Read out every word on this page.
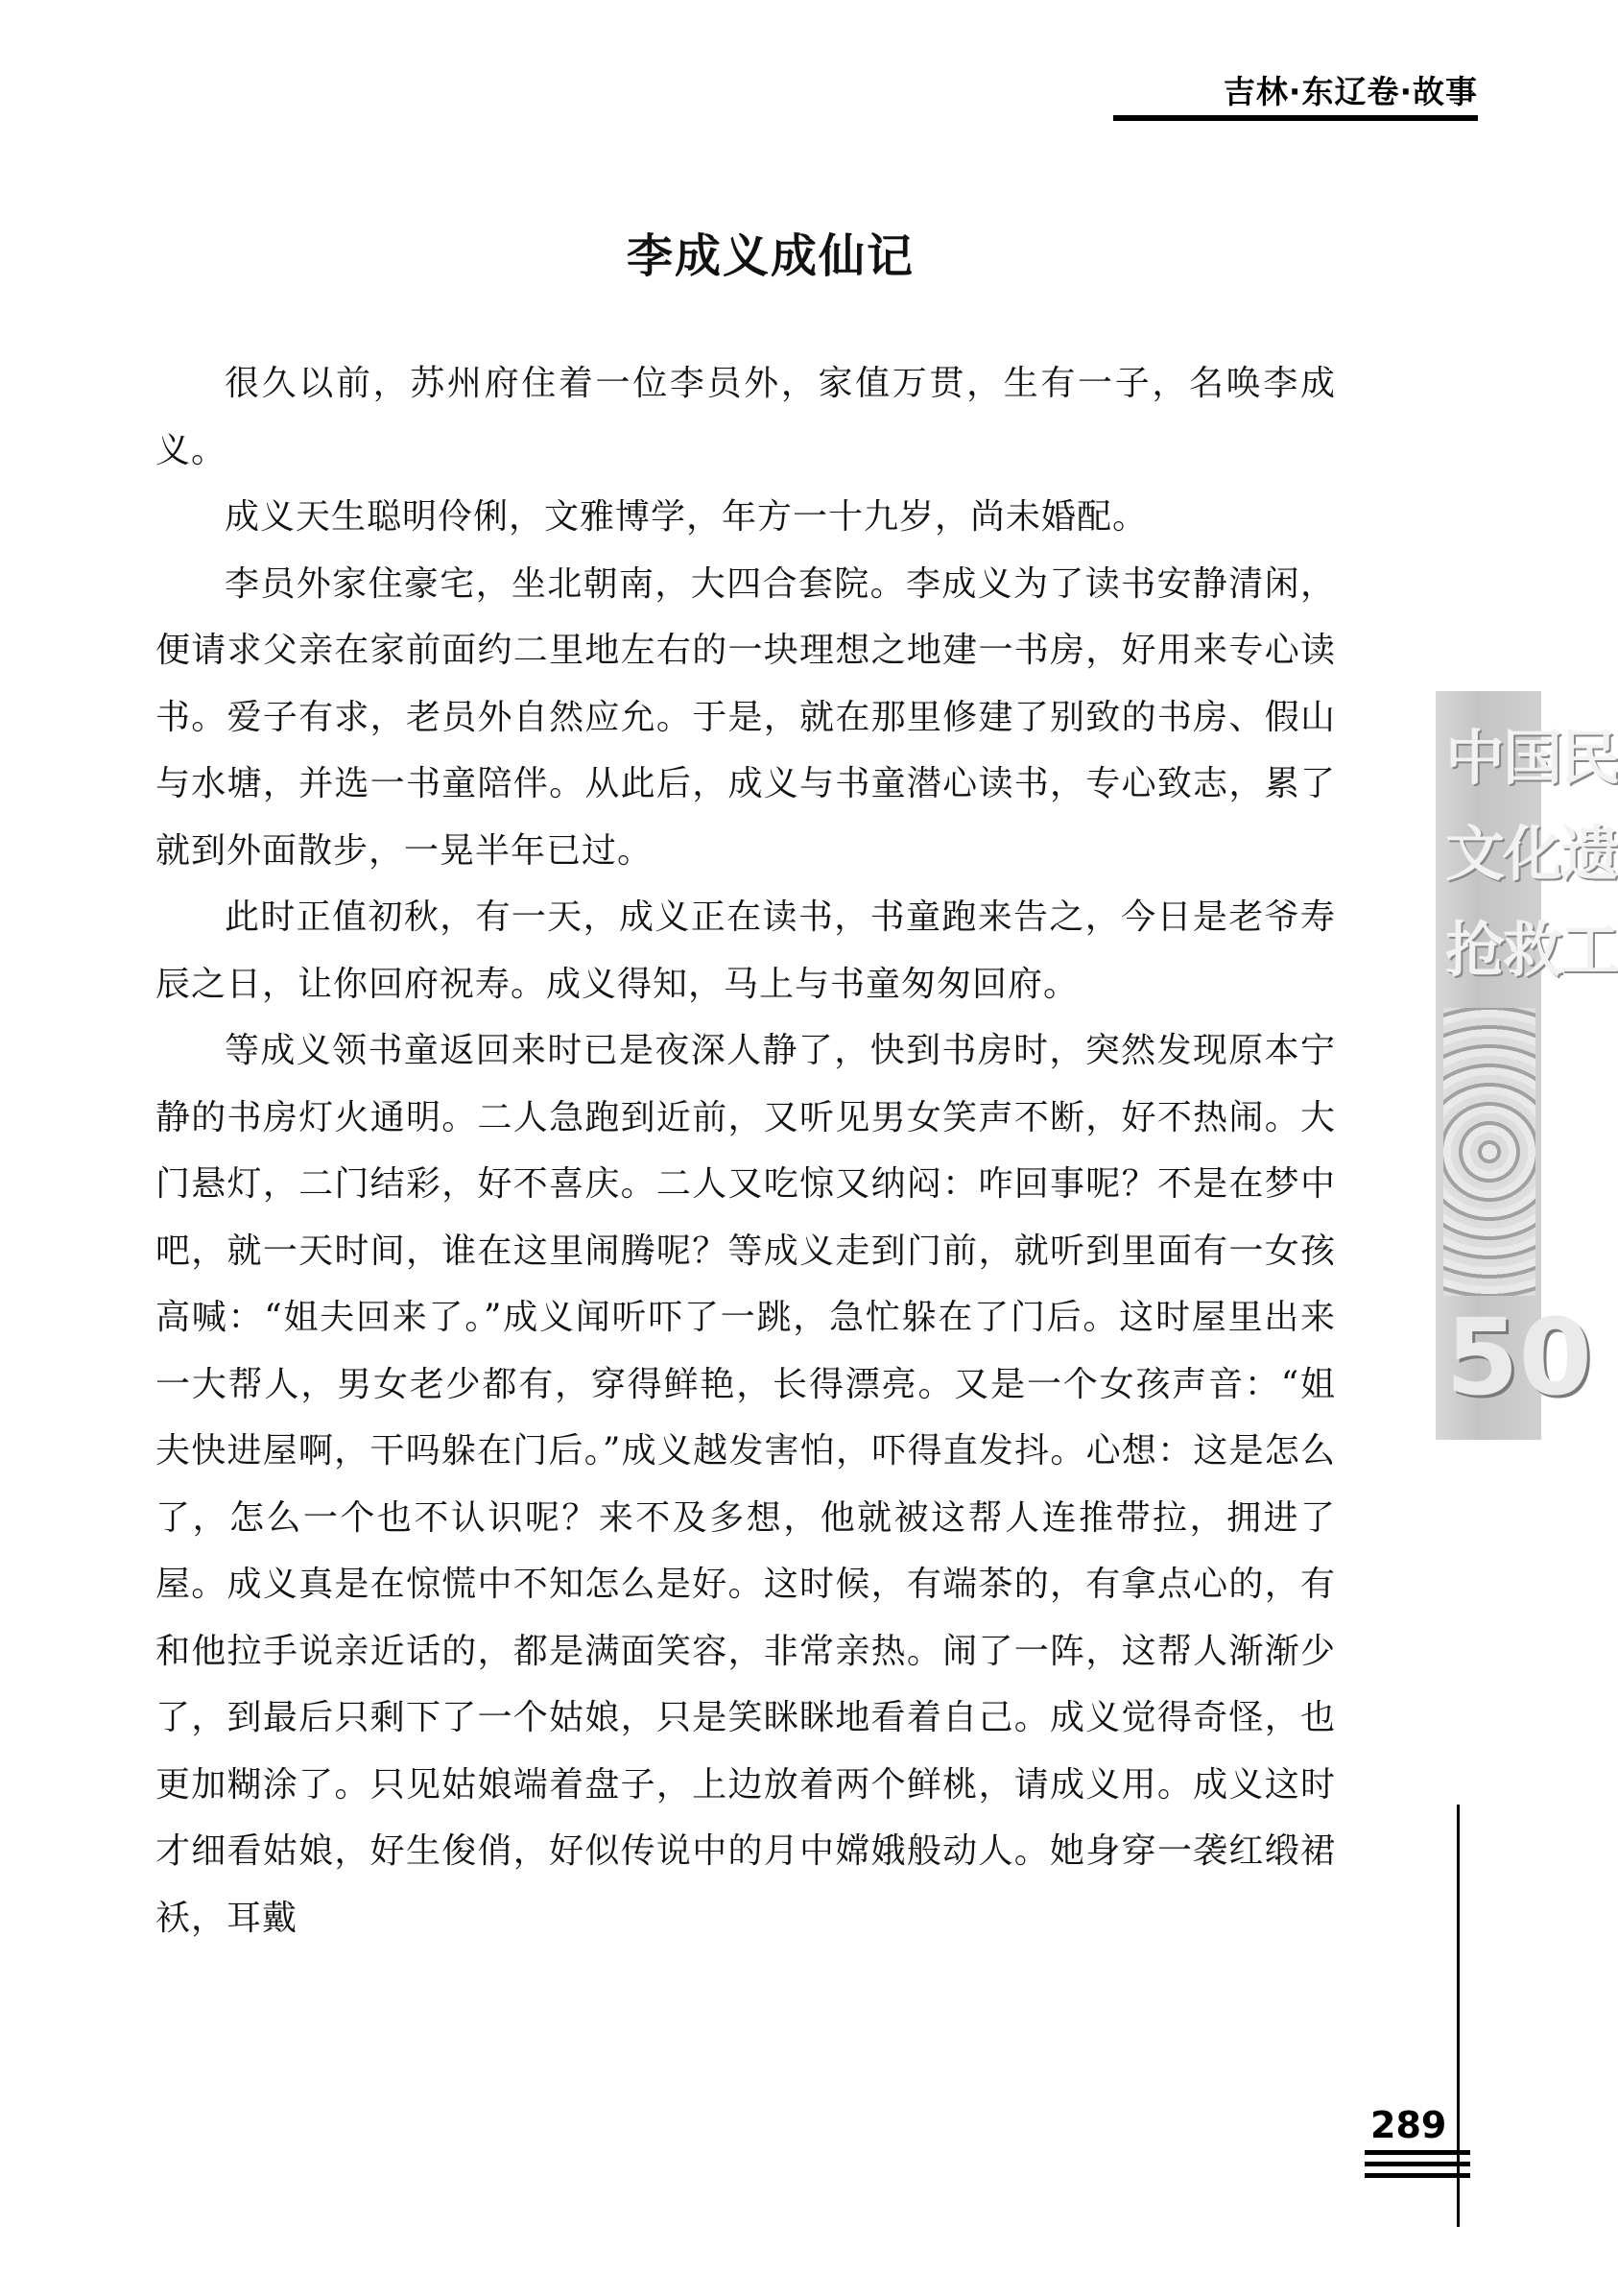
吉林·东辽卷·故事
李成义成仙记

很久以前，苏州府住着一位李员外，家值万贯，生有一子，名唤李成义。

成义天生聪明伶俐，文雅博学，年方一十九岁，尚未婚配。

李员外家住豪宅，坐北朝南，大四合套院。李成义为了读书安静清闲，便请求父亲在家前面约二里地左右的一块理想之地建一书房，好用来专心读书。爱子有求，老员外自然应允。于是，就在那里修建了别致的书房、假山与水塘，并选一书童陪伴。从此后，成义与书童潜心读书，专心致志，累了就到外面散步，一晃半年已过。

此时正值初秋，有一天，成义正在读书，书童跑来告之，今日是老爷寿辰之日，让你回府祝寿。成义得知，马上与书童匆匆回府。

等成义领书童返回来时已是夜深人静了，快到书房时，突然发现原本宁静的书房灯火通明。二人急跑到近前，又听见男女笑声不断，好不热闹。大门悬灯，二门结彩，好不喜庆。二人又吃惊又纳闷：咋回事呢？不是在梦中吧，就一天时间，谁在这里闹腾呢？等成义走到门前，就听到里面有一女孩高喊：“姐夫回来了。”成义闻听吓了一跳，急忙躲在了门后。这时屋里出来一大帮人，男女老少都有，穿得鲜艳，长得漂亮。又是一个女孩声音：“姐夫快进屋啊，干吗躲在门后。”成义越发害怕，吓得直发抖。心想：这是怎么了，怎么一个也不认识呢？来不及多想，他就被这帮人连推带拉，拥进了屋。成义真是在惊慌中不知怎么是好。这时候，有端茶的，有拿点心的，有和他拉手说亲近话的，都是满面笑容，非常亲热。闹了一阵，这帮人渐渐少了，到最后只剩下了一个姑娘，只是笑眯眯地看着自己。成义觉得奇怪，也更加糊涂了。只见姑娘端着盘子，上边放着两个鲜桃，请成义用。成义这时才细看姑娘，好生俊俏，好似传说中的月中嫦娥般动人。她身穿一袭红缎裙袄，耳戴

中国民
文化遗
抢救工
50
289
